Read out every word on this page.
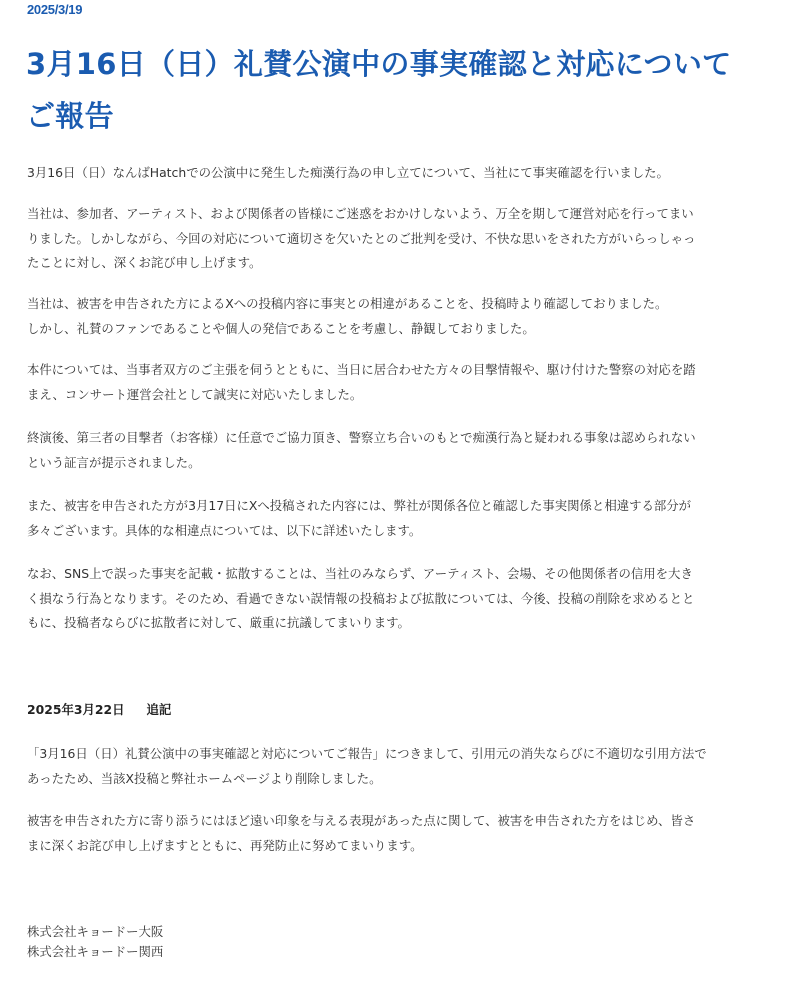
2025/3/19
3月16日（日）礼賛公演中の事実確認と対応について
ご報告
3月16日（日）なんばHatchでの公演中に発生した痴漢行為の申し立てについて、当社にて事実確認を行いました。
当社は、参加者、アーティスト、および関係者の皆様にご迷惑をおかけしないよう、万全を期して運営対応を行ってまい
りました。しかしながら、今回の対応について適切さを欠いたとのご批判を受け、不快な思いをされた方がいらっしゃっ
たことに対し、深くお詫び申し上げます。
当社は、被害を申告された方によるXへの投稿内容に事実との相違があることを、投稿時より確認しておりました。
しかし、礼賛のファンであることや個人の発信であることを考慮し、静観しておりました。
本件については、当事者双方のご主張を伺うとともに、当日に居合わせた方々の目撃情報や、駆け付けた警察の対応を踏
まえ、コンサート運営会社として誠実に対応いたしました。
終演後、第三者の目撃者（お客様）に任意でご協力頂き、警察立ち合いのもとで痴漢行為と疑われる事象は認められない
という証言が提示されました。
また、被害を申告された方が3月17日にXへ投稿された内容には、弊社が関係各位と確認した事実関係と相違する部分が
多々ございます。具体的な相違点については、以下に詳述いたします。
なお、SNS上で誤った事実を記載・拡散することは、当社のみならず、アーティスト、会場、その他関係者の信用を大き
く損なう行為となります。そのため、看過できない誤情報の投稿および拡散については、今後、投稿の削除を求めるとと
もに、投稿者ならびに拡散者に対して、厳重に抗議してまいります。
2025年3月22日 追記
「3月16日（日）礼賛公演中の事実確認と対応についてご報告」につきまして、引用元の消失ならびに不適切な引用方法で
あったため、当該X投稿と弊社ホームページより削除しました。
被害を申告された方に寄り添うにはほど遠い印象を与える表現があった点に関して、被害を申告された方をはじめ、皆さ
まに深くお詫び申し上げますとともに、再発防止に努めてまいります。
株式会社キョードー大阪
株式会社キョードー関西
